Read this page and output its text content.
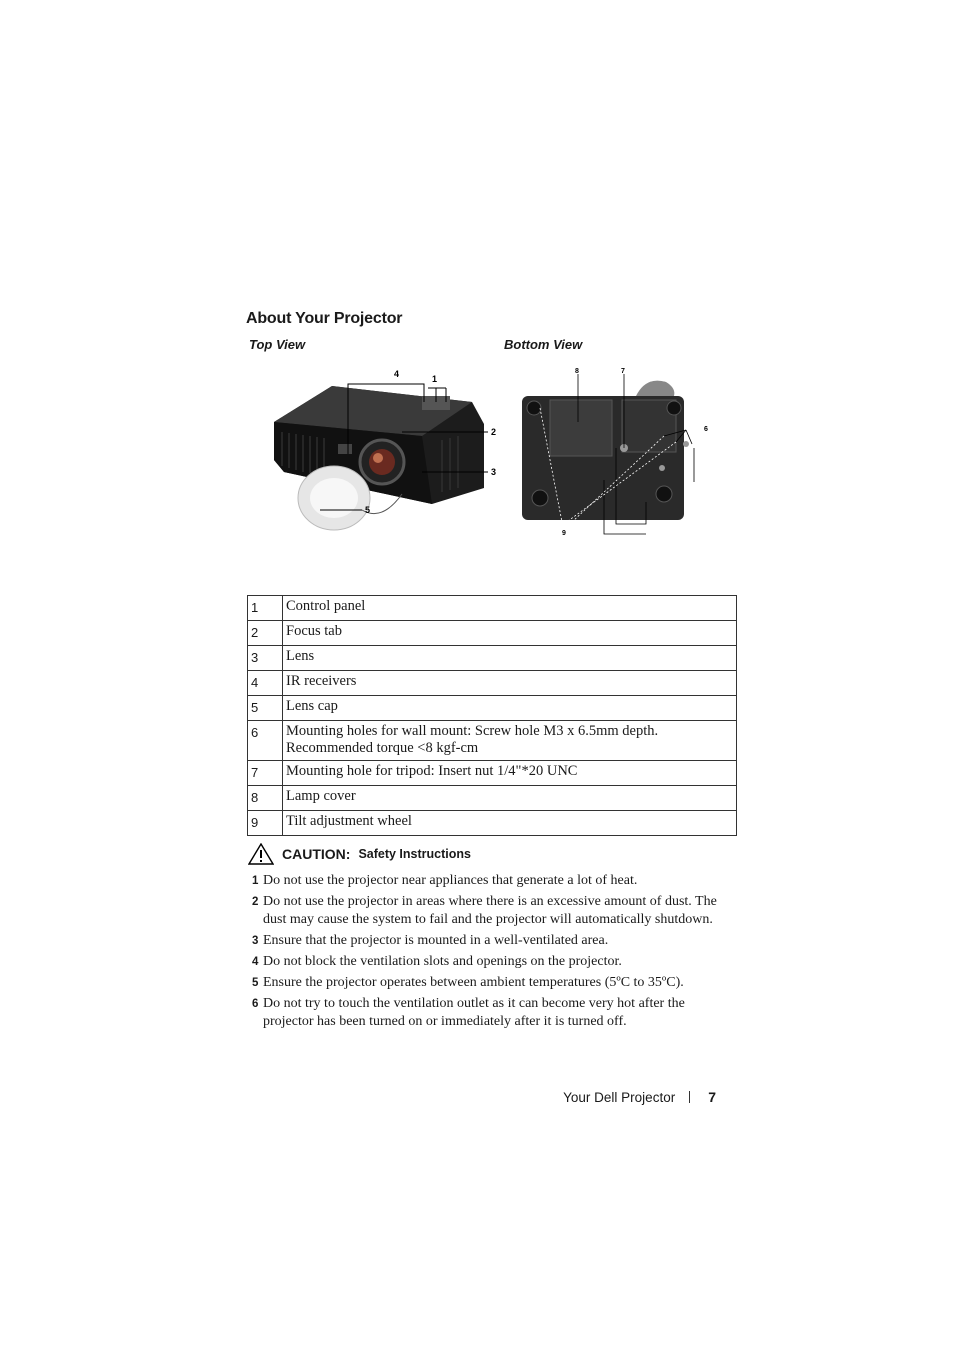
About Your Projector
Top View	Bottom View
4	1
2
3
5
8	7
6
9
1	Control panel
2	Focus tab
3	Lens
4	IR receivers
5	Lens cap
6	Mounting holes for wall mount: Screw hole M3 x 6.5mm depth.
Recommended torque <8 kgf-cm

7	Mounting hole for tripod: Insert nut 1/4"*20 UNC
8	Lamp cover
9	Tilt adjustment wheel
CAUTION: Safety Instructions
1 Do not use the projector near appliances that generate a lot of heat.
2 Do not use the projector in areas where there is an excessive amount of dust. The dust may cause the system to fail and the projector will automatically shutdown.
3 Ensure that the projector is mounted in a well-ventilated area.
4 Do not block the ventilation slots and openings on the projector.
5 Ensure the projector operates between ambient temperatures (5ºC to 35ºC).
6 Do not try to touch the ventilation outlet as it can become very hot after the projector has been turned on or immediately after it is turned off.
Your Dell Projector 7
